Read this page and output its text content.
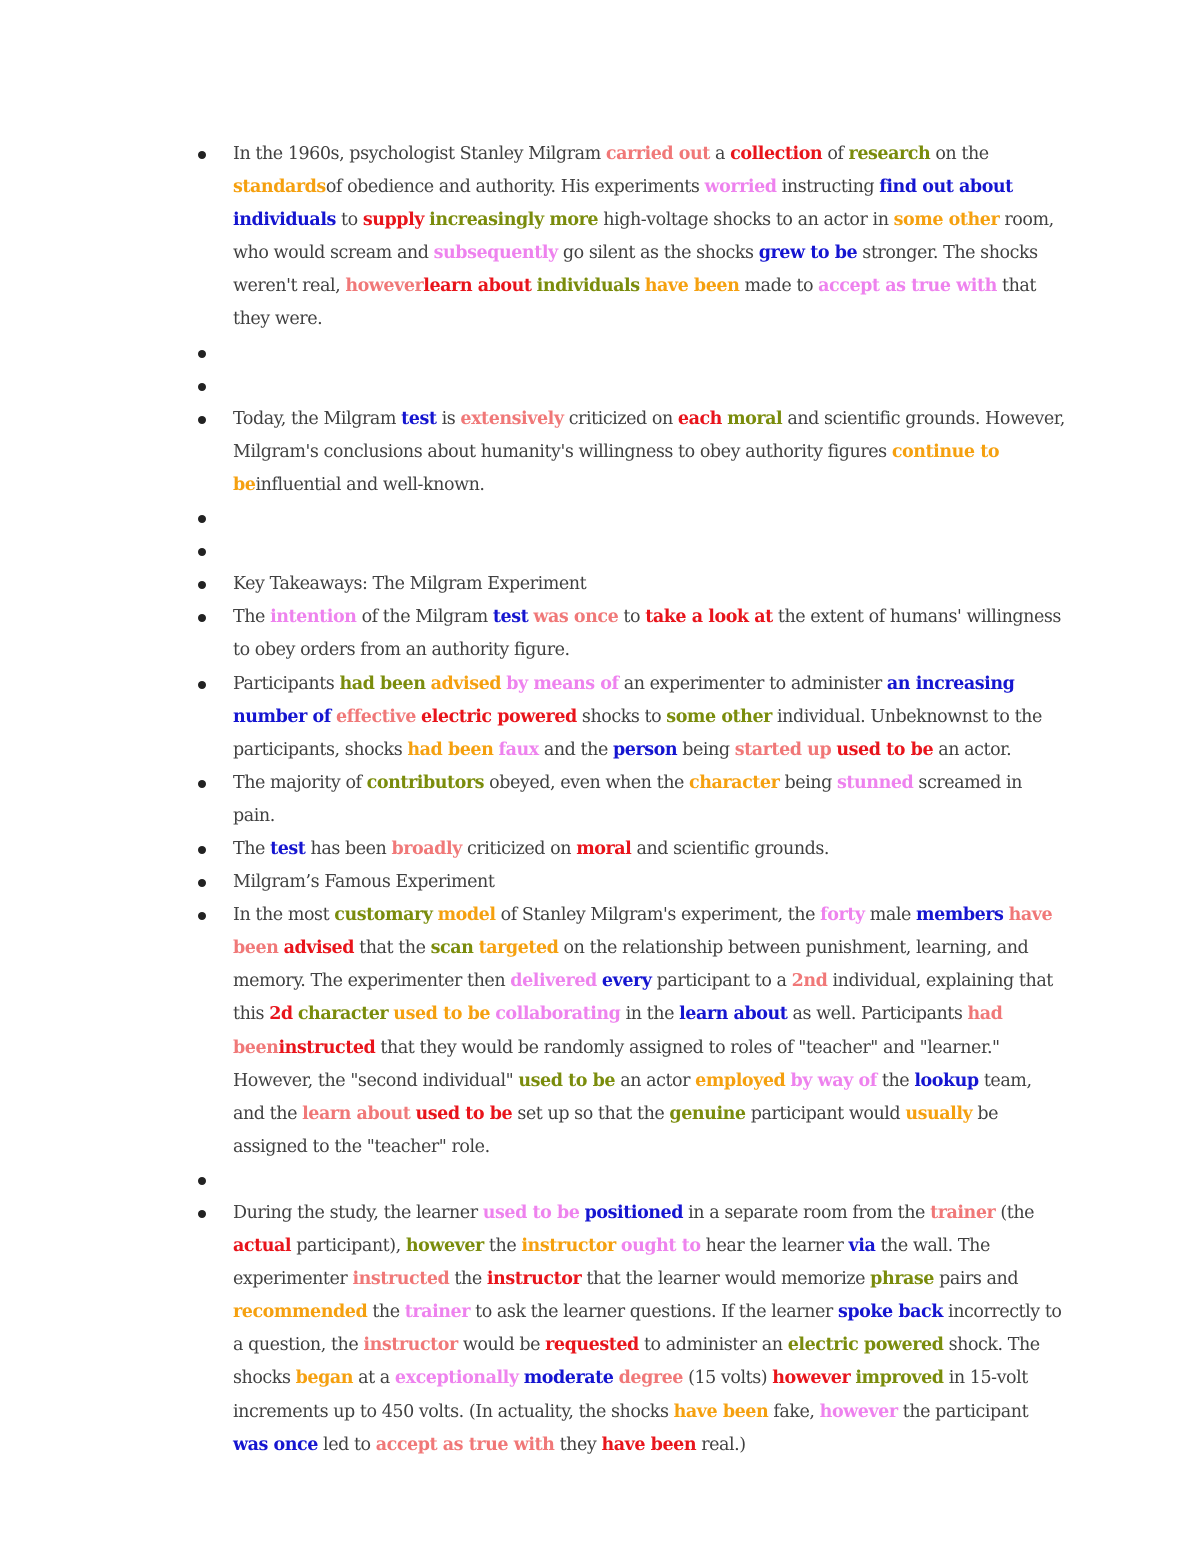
In the 1960s, psychologist Stanley Milgram carried out a collection of research on the standardsof obedience and authority. His experiments worried instructing find out about individuals to supply increasingly more high-voltage shocks to an actor in some other room, who would scream and subsequently go silent as the shocks grew to be stronger. The shocks weren't real, howeverlearn about individuals have been made to accept as true with that they were.
Today, the Milgram test is extensively criticized on each moral and scientific grounds. However, Milgram's conclusions about humanity's willingness to obey authority figures continue to beinfluential and well-known.
Key Takeaways: The Milgram Experiment
The intention of the Milgram test was once to take a look at the extent of humans' willingness to obey orders from an authority figure.
Participants had been advised by means of an experimenter to administer an increasing number of effective electric powered shocks to some other individual. Unbeknownst to the participants, shocks had been faux and the person being started up used to be an actor.
The majority of contributors obeyed, even when the character being stunned screamed in pain.
The test has been broadly criticized on moral and scientific grounds.
Milgram’s Famous Experiment
In the most customary model of Stanley Milgram's experiment, the forty male members have been advised that the scan targeted on the relationship between punishment, learning, and memory. The experimenter then delivered every participant to a 2nd individual, explaining that this 2d character used to be collaborating in the learn about as well. Participants had beeninstructed that they would be randomly assigned to roles of "teacher" and "learner." However, the "second individual" used to be an actor employed by way of the lookup team, and the learn about used to be set up so that the genuine participant would usually be assigned to the "teacher" role.
During the study, the learner used to be positioned in a separate room from the trainer (the actual participant), however the instructor ought to hear the learner via the wall. The experimenter instructed the instructor that the learner would memorize phrase pairs and recommended the trainer to ask the learner questions. If the learner spoke back incorrectly to a question, the instructor would be requested to administer an electric powered shock. The shocks began at a exceptionally moderate degree (15 volts) however improved in 15-volt increments up to 450 volts. (In actuality, the shocks have been fake, however the participant was once led to accept as true with they have been real.)
